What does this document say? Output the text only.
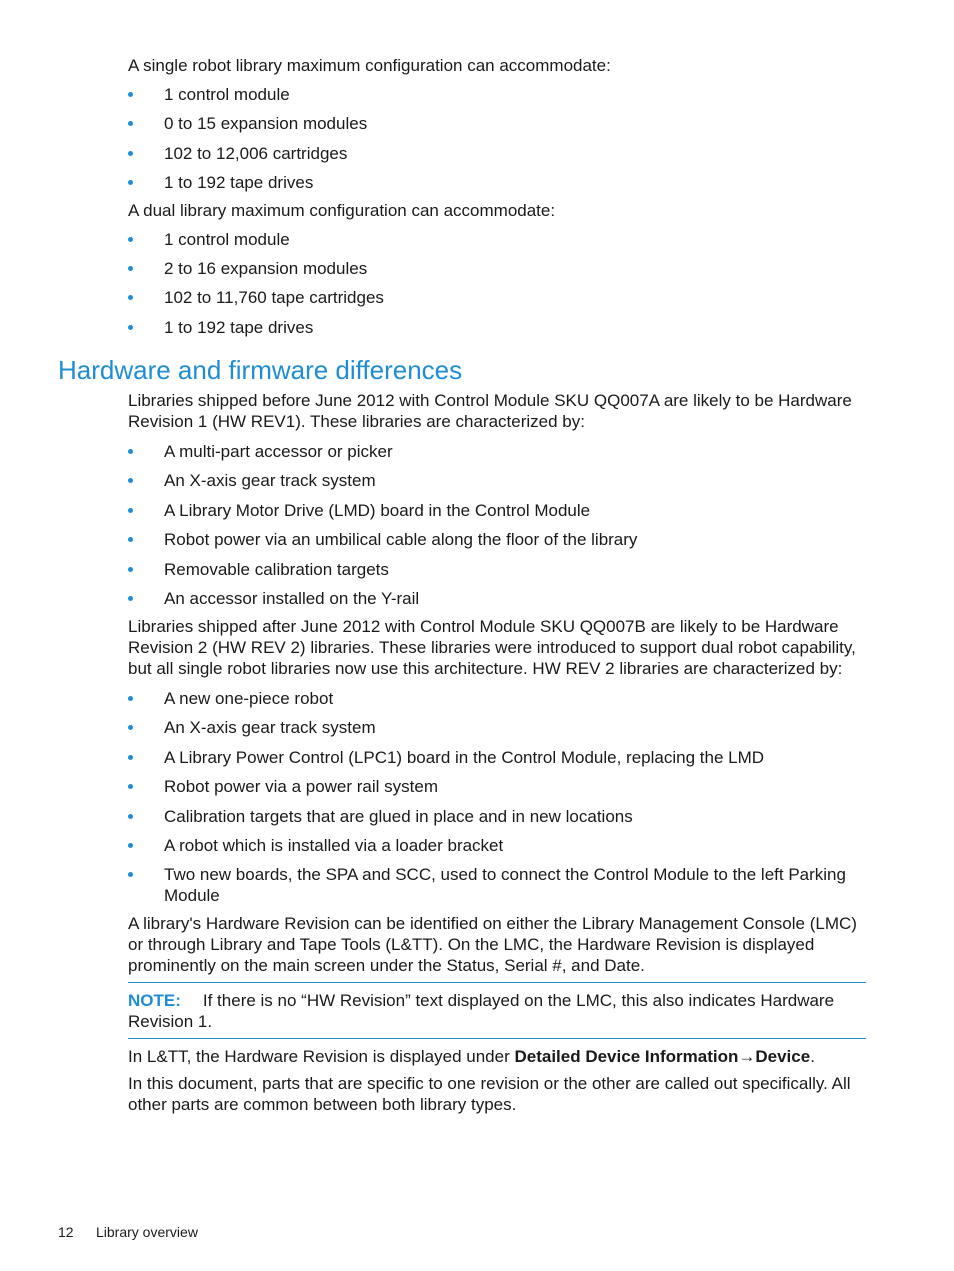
A single robot library maximum configuration can accommodate:

1 control module
0 to 15 expansion modules
102 to 12,006 cartridges
1 to 192 tape drives

A dual library maximum configuration can accommodate:

1 control module
2 to 16 expansion modules
102 to 11,760 tape cartridges
1 to 192 tape drives
Hardware and firmware differences

Libraries shipped before June 2012 with Control Module SKU QQ007A are likely to be Hardware Revision 1 (HW REV1). These libraries are characterized by:

A multi-part accessor or picker
An X-axis gear track system
A Library Motor Drive (LMD) board in the Control Module
Robot power via an umbilical cable along the floor of the library
Removable calibration targets
An accessor installed on the Y-rail

Libraries shipped after June 2012 with Control Module SKU QQ007B are likely to be Hardware Revision 2 (HW REV 2) libraries. These libraries were introduced to support dual robot capability, but all single robot libraries now use this architecture. HW REV 2 libraries are characterized by:

A new one-piece robot
An X-axis gear track system
A Library Power Control (LPC1) board in the Control Module, replacing the LMD
Robot power via a power rail system
Calibration targets that are glued in place and in new locations
A robot which is installed via a loader bracket
Two new boards, the SPA and SCC, used to connect the Control Module to the left Parking Module

A library's Hardware Revision can be identified on either the Library Management Console (LMC) or through Library and Tape Tools (L&TT). On the LMC, the Hardware Revision is displayed prominently on the main screen under the Status, Serial #, and Date.

NOTE: If there is no “HW Revision” text displayed on the LMC, this also indicates Hardware Revision 1.

In L&TT, the Hardware Revision is displayed under Detailed Device Information→Device.

In this document, parts that are specific to one revision or the other are called out specifically. All other parts are common between both library types.

12 Library overview
